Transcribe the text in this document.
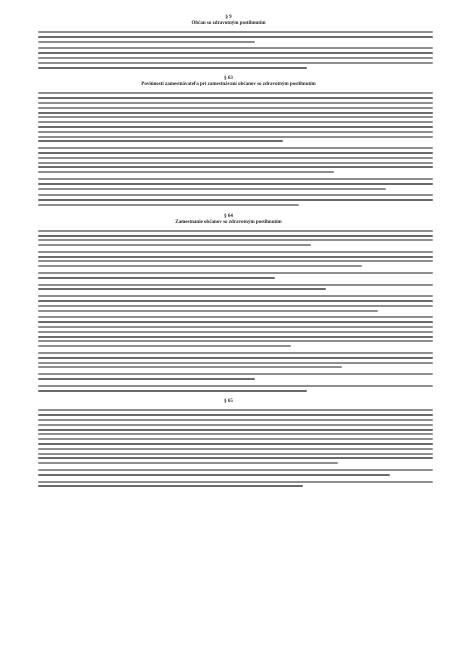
§ 9
Občan so zdravotným postihnutím
§ 63
Povinnosti zamestnávateľa pri zamestnávaní občanov so zdravotným postihnutím
§ 64
Zamestnanie občanov so zdravotným postihnutím
§ 65
